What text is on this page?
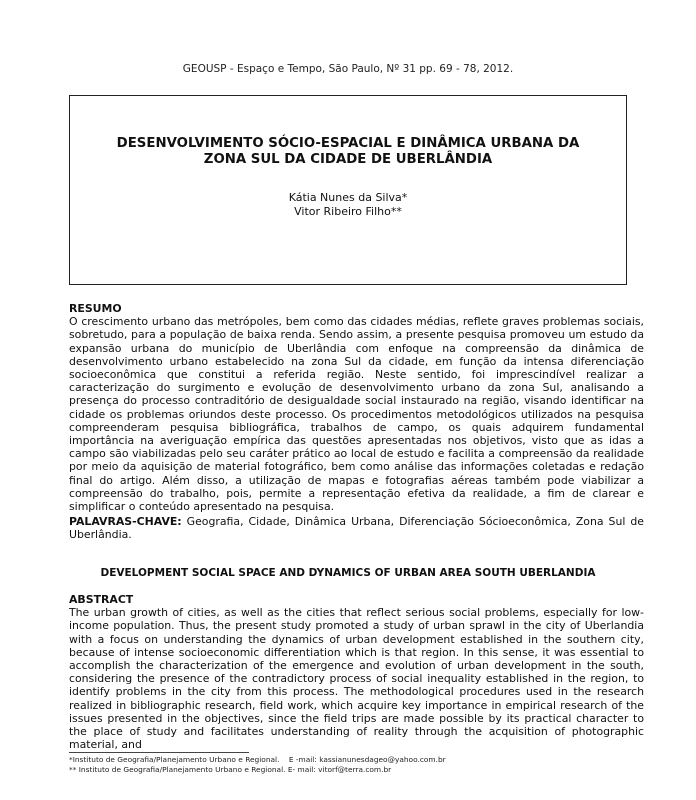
GEOUSP - Espaço e Tempo, São Paulo, Nº 31 pp. 69 - 78, 2012.
DESENVOLVIMENTO SÓCIO-ESPACIAL E DINÂMICA URBANA DA
ZONA SUL DA CIDADE DE UBERLÂNDIA
Kátia Nunes da Silva*
Vitor Ribeiro Filho**
RESUMO
O crescimento urbano das metrópoles, bem como das cidades médias, reflete graves problemas sociais, sobretudo, para a população de baixa renda. Sendo assim, a presente pesquisa promoveu um estudo da expansão urbana do município de Uberlândia com enfoque na compreensão da dinâmica de desenvolvimento urbano estabelecido na zona Sul da cidade, em função da intensa diferenciação socioeconômica que constitui a referida região. Neste sentido, foi imprescindível realizar a caracterização do surgimento e evolução de desenvolvimento urbano da zona Sul, analisando a presença do processo contraditório de desigualdade social instaurado na região, visando identificar na cidade os problemas oriundos deste processo. Os procedimentos metodológicos utilizados na pesquisa compreenderam pesquisa bibliográfica, trabalhos de campo, os quais adquirem fundamental importância na averiguação empírica das questões apresentadas nos objetivos, visto que as idas a campo são viabilizadas pelo seu caráter prático ao local de estudo e facilita a compreensão da realidade por meio da aquisição de material fotográfico, bem como análise das informações coletadas e redação final do artigo. Além disso, a utilização de mapas e fotografias aéreas também pode viabilizar a compreensão do trabalho, pois, permite a representação efetiva da realidade, a fim de clarear e simplificar o conteúdo apresentado na pesquisa.
PALAVRAS-CHAVE: Geografia, Cidade, Dinâmica Urbana, Diferenciação Sócioeconômica, Zona Sul de Uberlândia.
DEVELOPMENT SOCIAL SPACE AND DYNAMICS OF URBAN AREA SOUTH UBERLANDIA
ABSTRACT
The urban growth of cities, as well as the cities that reflect serious social problems, especially for low-income population. Thus, the present study promoted a study of urban sprawl in the city of Uberlandia with a focus on understanding the dynamics of urban development established in the southern city, because of intense socioeconomic differentiation which is that region. In this sense, it was essential to accomplish the characterization of the emergence and evolution of urban development in the south, considering the presence of the contradictory process of social inequality established in the region, to identify problems in the city from this process. The methodological procedures used in the research realized in bibliographic research, field work, which acquire key importance in empirical research of the issues presented in the objectives, since the field trips are made possible by its practical character to the place of study and facilitates understanding of reality through the acquisition of photographic material, and
*Instituto de Geografia/Planejamento Urbano e Regional.    E -mail: kassianunesdageo@yahoo.com.br
** Instituto de Geografia/Planejamento Urbano e Regional. E- mail: vitorf@terra.com.br
